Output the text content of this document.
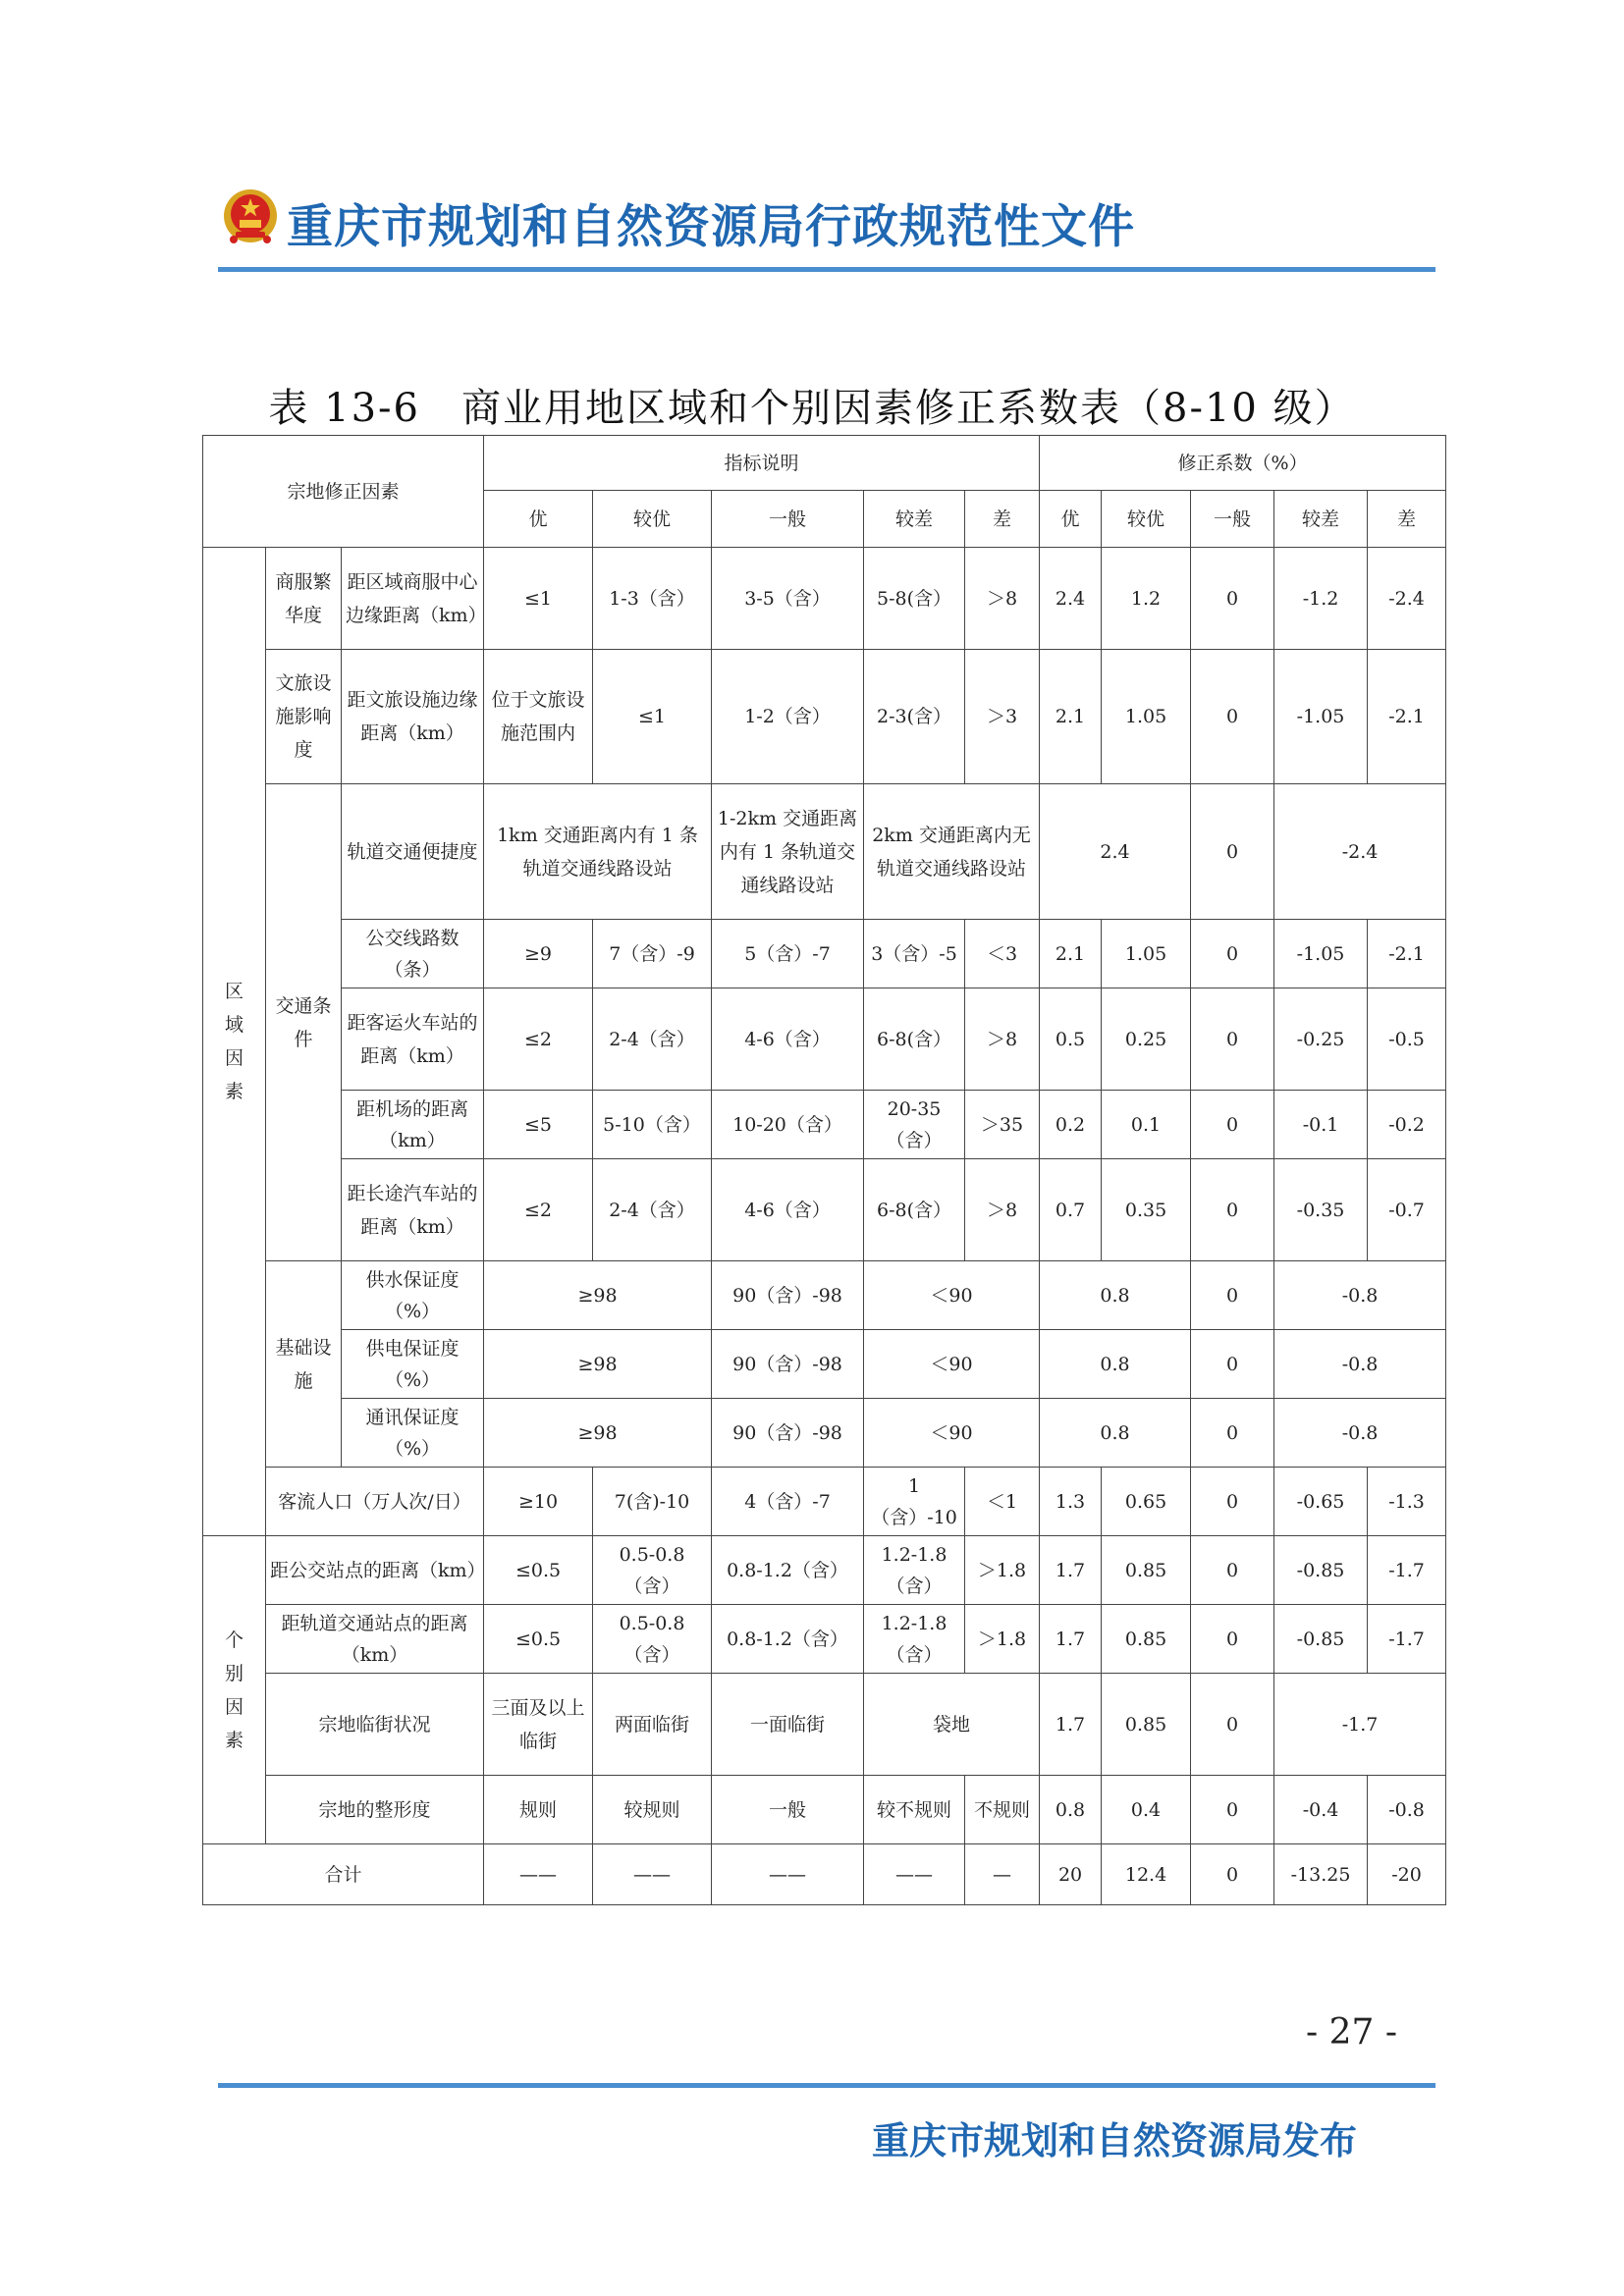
重庆市规划和自然资源局行政规范性文件
表 13-6　商业用地区域和个别因素修正系数表（8-10 级）
宗地修正因素			指标说明					修正系数（%）				
			优	较优	一般	较差	差	优	较优	一般	较差	差
区域因素	商服繁华度	距区域商服中心边缘距离（km）	≤1	1-3（含）	3-5（含）	5-8(含）	＞8	2.4	1.2	0	-1.2	-2.4
	文旅设施影响度	距文旅设施边缘距离（km）	位于文旅设施范围内	≤1	1-2（含）	2-3(含）	＞3	2.1	1.05	0	-1.05	-2.1
	交通条件	轨道交通便捷度	1km 交通距离内有 1 条轨道交通线路设站		1-2km 交通距离内有 1 条轨道交通线路设站	2km 交通距离内无轨道交通线路设站		2.4		0	-2.4	
		公交线路数（条）	≥9	7（含）-9	5（含）-7	3（含）-5	＜3	2.1	1.05	0	-1.05	-2.1
		距客运火车站的距离（km）	≤2	2-4（含）	4-6（含）	6-8(含）	＞8	0.5	0.25	0	-0.25	-0.5
		距机场的距离（km）	≤5	5-10（含）	10-20（含）	20-35（含）	＞35	0.2	0.1	0	-0.1	-0.2
		距长途汽车站的距离（km）	≤2	2-4（含）	4-6（含）	6-8(含）	＞8	0.7	0.35	0	-0.35	-0.7
	基础设施	供水保证度（%）	≥98		90（含）-98	＜90		0.8		0	-0.8	
		供电保证度（%）	≥98		90（含）-98	＜90		0.8		0	-0.8	
		通讯保证度（%）	≥98		90（含）-98	＜90		0.8		0	-0.8	
	客流人口（万人次/日）		≥10	7(含)-10	4（含）-7	1（含）-10	＜1	1.3	0.65	0	-0.65	-1.3
个别因素	距公交站点的距离（km）		≤0.5	0.5-0.8（含）	0.8-1.2（含）	1.2-1.8（含）	＞1.8	1.7	0.85	0	-0.85	-1.7
	距轨道交通站点的距离（km）		≤0.5	0.5-0.8（含）	0.8-1.2（含）	1.2-1.8（含）	＞1.8	1.7	0.85	0	-0.85	-1.7
	宗地临街状况		三面及以上临街	两面临街	一面临街	袋地		1.7	0.85	0	-1.7	
	宗地的整形度		规则	较规则	一般	较不规则	不规则	0.8	0.4	0	-0.4	-0.8
合计			——	——	——	——	—	20	12.4	0	-13.25	-20
- 27 -
重庆市规划和自然资源局发布
